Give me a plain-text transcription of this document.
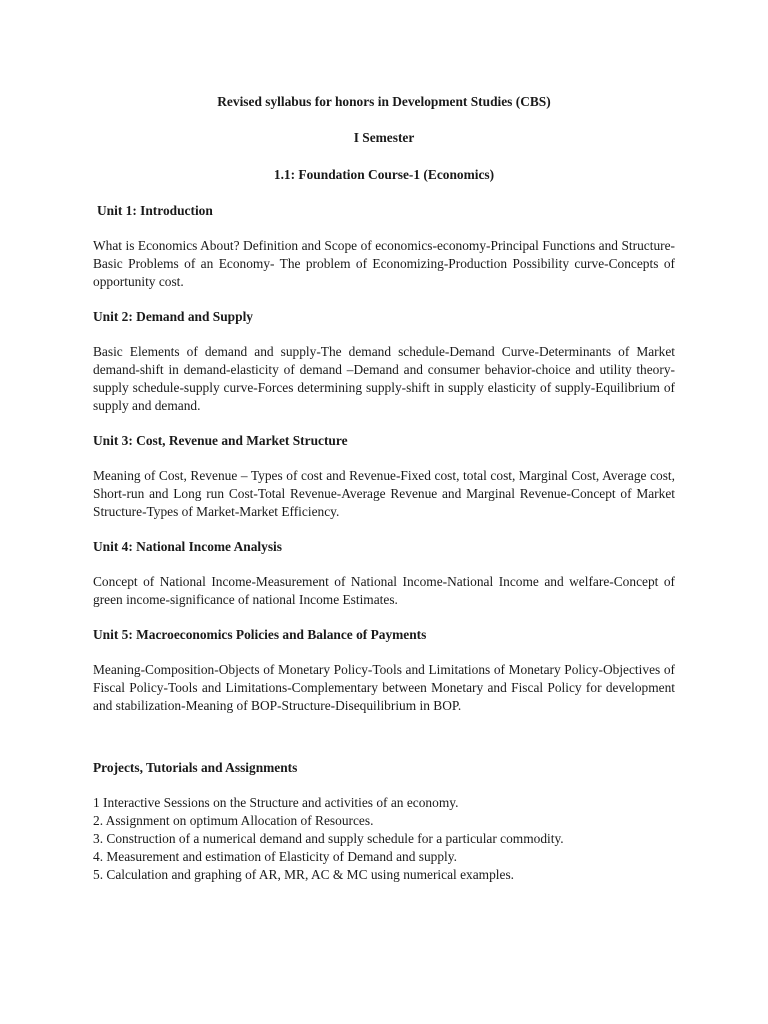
Revised syllabus for honors in Development Studies (CBS)

I Semester

1.1: Foundation Course-1 (Economics)

Unit 1: Introduction

What is Economics About? Definition and Scope of economics-economy-Principal Functions and Structure-Basic Problems of an Economy- The problem of Economizing-Production Possibility curve-Concepts of opportunity cost.

Unit 2: Demand and Supply

Basic Elements of demand and supply-The demand schedule-Demand Curve-Determinants of Market demand-shift in demand-elasticity of demand –Demand and consumer behavior-choice and utility theory-supply schedule-supply curve-Forces determining supply-shift in supply elasticity of supply-Equilibrium of supply and demand.

Unit 3: Cost, Revenue and Market Structure

Meaning of Cost, Revenue – Types of cost and Revenue-Fixed cost, total cost, Marginal Cost, Average cost, Short-run and Long run Cost-Total Revenue-Average Revenue and Marginal Revenue-Concept of Market Structure-Types of Market-Market Efficiency.

Unit 4: National Income Analysis

Concept of National Income-Measurement of National Income-National Income and welfare-Concept of green income-significance of national Income Estimates.

Unit 5: Macroeconomics Policies and Balance of Payments

Meaning-Composition-Objects of Monetary Policy-Tools and Limitations of Monetary Policy-Objectives of Fiscal Policy-Tools and Limitations-Complementary between Monetary and Fiscal Policy for development and stabilization-Meaning of BOP-Structure-Disequilibrium in BOP.

Projects, Tutorials and Assignments

1 Interactive Sessions on the Structure and activities of an economy.
2. Assignment on optimum Allocation of Resources.
3. Construction of a numerical demand and supply schedule for a particular commodity.
4. Measurement and estimation of Elasticity of Demand and supply.
5. Calculation and graphing of AR, MR, AC & MC using numerical examples.
